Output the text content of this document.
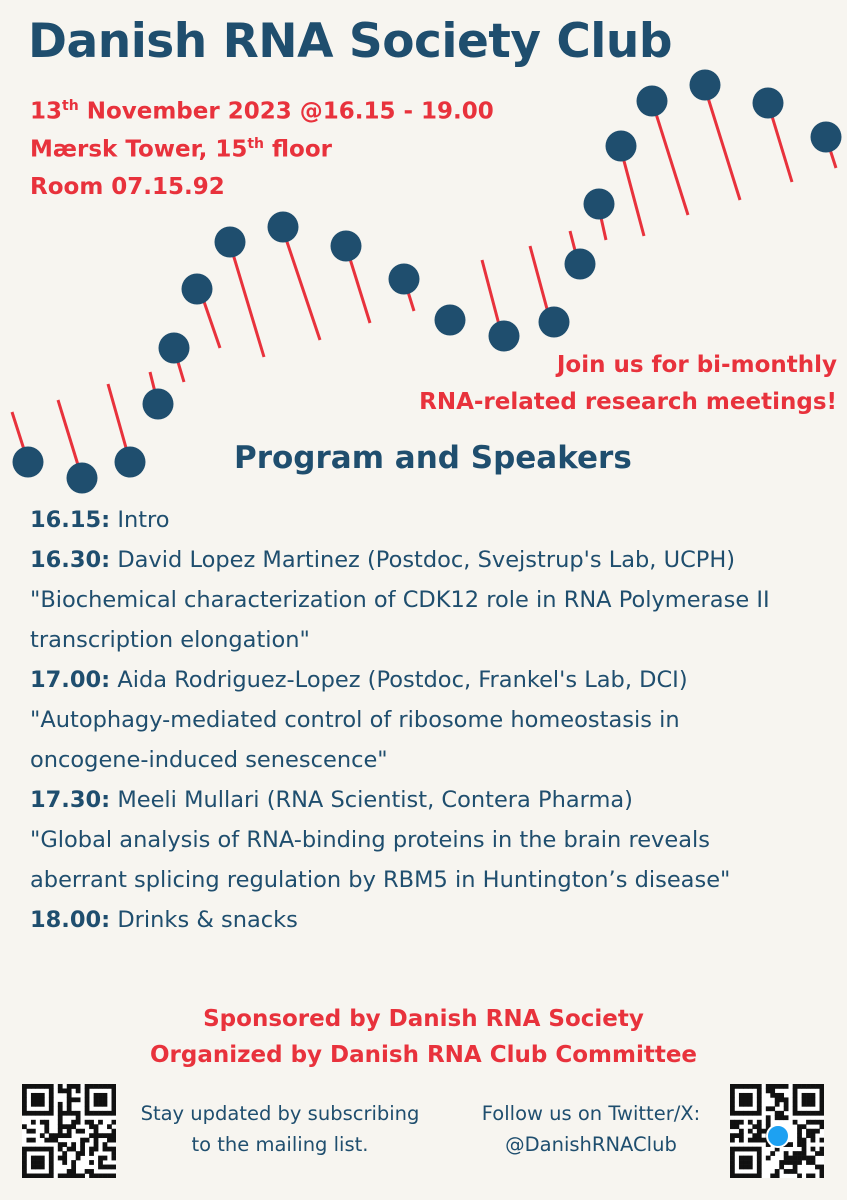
Danish RNA Society Club
13th November 2023 @16.15 - 19.00
Mærsk Tower, 15th floor
Room 07.15.92
Join us for bi-monthly
RNA-related research meetings!
Program and Speakers
16.15: Intro
16.30: David Lopez Martinez (Postdoc, Svejstrup's Lab, UCPH)
"Biochemical characterization of CDK12 role in RNA Polymerase II
transcription elongation"
17.00: Aida Rodriguez-Lopez (Postdoc, Frankel's Lab, DCI)
"Autophagy-mediated control of ribosome homeostasis in
oncogene-induced senescence"
17.30: Meeli Mullari (RNA Scientist, Contera Pharma)
"Global analysis of RNA-binding proteins in the brain reveals
aberrant splicing regulation by RBM5 in Huntington’s disease"
18.00: Drinks & snacks
Sponsored by Danish RNA Society
Organized by Danish RNA Club Committee
Stay updated by subscribing
to the mailing list.
Follow us on Twitter/X:
@DanishRNAClub
